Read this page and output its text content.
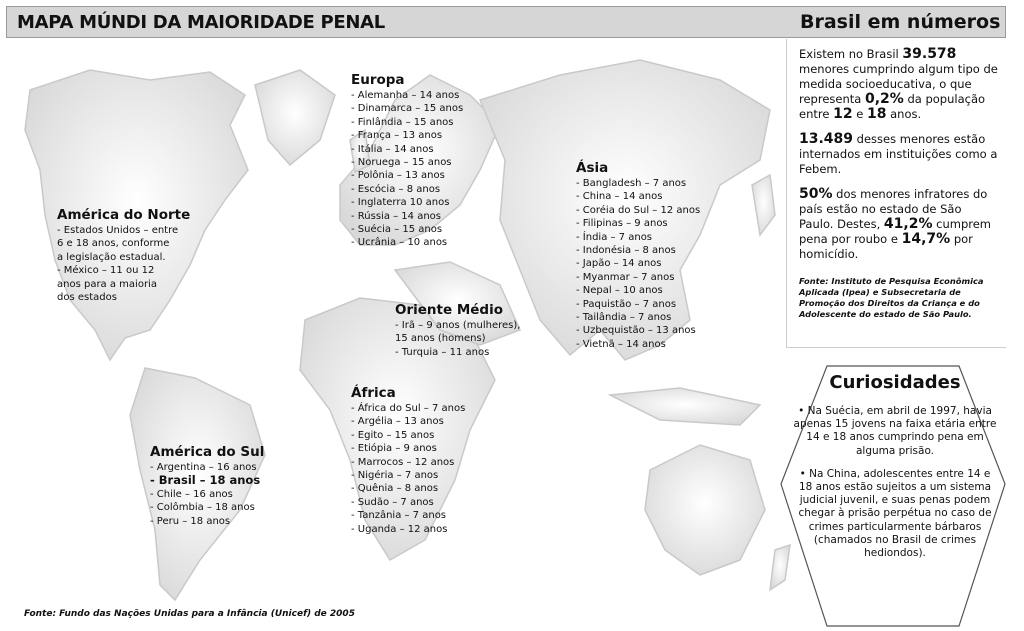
MAPA MÚNDI DA MAIORIDADE PENAL	Brasil em números
América do Norte

- Estados Unidos – entre

6 e 18 anos, conforme

a legislação estadual.

- México – 11 ou 12

anos para a maioria

dos estados

América do Sul
- Argentina – 16 anos
- Brasil – 18 anos
- Chile – 16 anos
- Colômbia – 18 anos
- Peru – 18 anos
Europa
- Alemanha – 14 anos
- Dinamarca – 15 anos
- Finlândia – 15 anos
- França – 13 anos
- Itália – 14 anos
- Noruega – 15 anos
- Polônia – 13 anos
- Escócia – 8 anos
- Inglaterra 10 anos
- Rússia – 14 anos
- Suécia – 15 anos
- Ucrânia – 10 anos
Oriente Médio

- Irã – 9 anos (mulheres),

15 anos (homens)

- Turquia – 11 anos

África
- África do Sul – 7 anos
- Argélia – 13 anos
- Egito – 15 anos
- Etiópia – 9 anos
- Marrocos – 12 anos
- Nigéria – 7 anos
- Quênia – 8 anos
- Sudão – 7 anos
- Tanzânia – 7 anos
- Uganda – 12 anos
Ásia
- Bangladesh – 7 anos
- China – 14 anos
- Coréia do Sul – 12 anos
- Filipinas – 9 anos
- Índia – 7 anos
- Indonésia – 8 anos
- Japão – 14 anos
- Myanmar – 7 anos
- Nepal – 10 anos
- Paquistão – 7 anos
- Tailândia – 7 anos
- Uzbequistão – 13 anos
- Vietnã – 14 anos

Existem no Brasil 39.578 menores cumprindo algum tipo de medida socioeducativa, o que representa 0,2% da população entre 12 e 18 anos.

13.489 desses menores estão internados em instituições como a Febem.

50% dos menores infratores do país estão no estado de São Paulo. Destes, 41,2% cumprem pena por roubo e 14,7% por homicídio.

Fonte: Instituto de Pesquisa Econômica Aplicada (Ipea) e Subsecretaria de Promoção dos Direitos da Criança e do Adolescente do estado de São Paulo.
Curiosidades

• Na Suécia, em abril de 1997, havia apenas 15 jovens na faixa etária entre 14 e 18 anos cumprindo pena em alguma prisão.

• Na China, adolescentes entre 14 e 18 anos estão sujeitos a um sistema judicial juvenil, e suas penas podem chegar à prisão perpétua no caso de crimes particularmente bárbaros (chamados no Brasil de crimes hediondos).

Fonte: Fundo das Nações Unidas para a Infância (Unicef) de 2005
